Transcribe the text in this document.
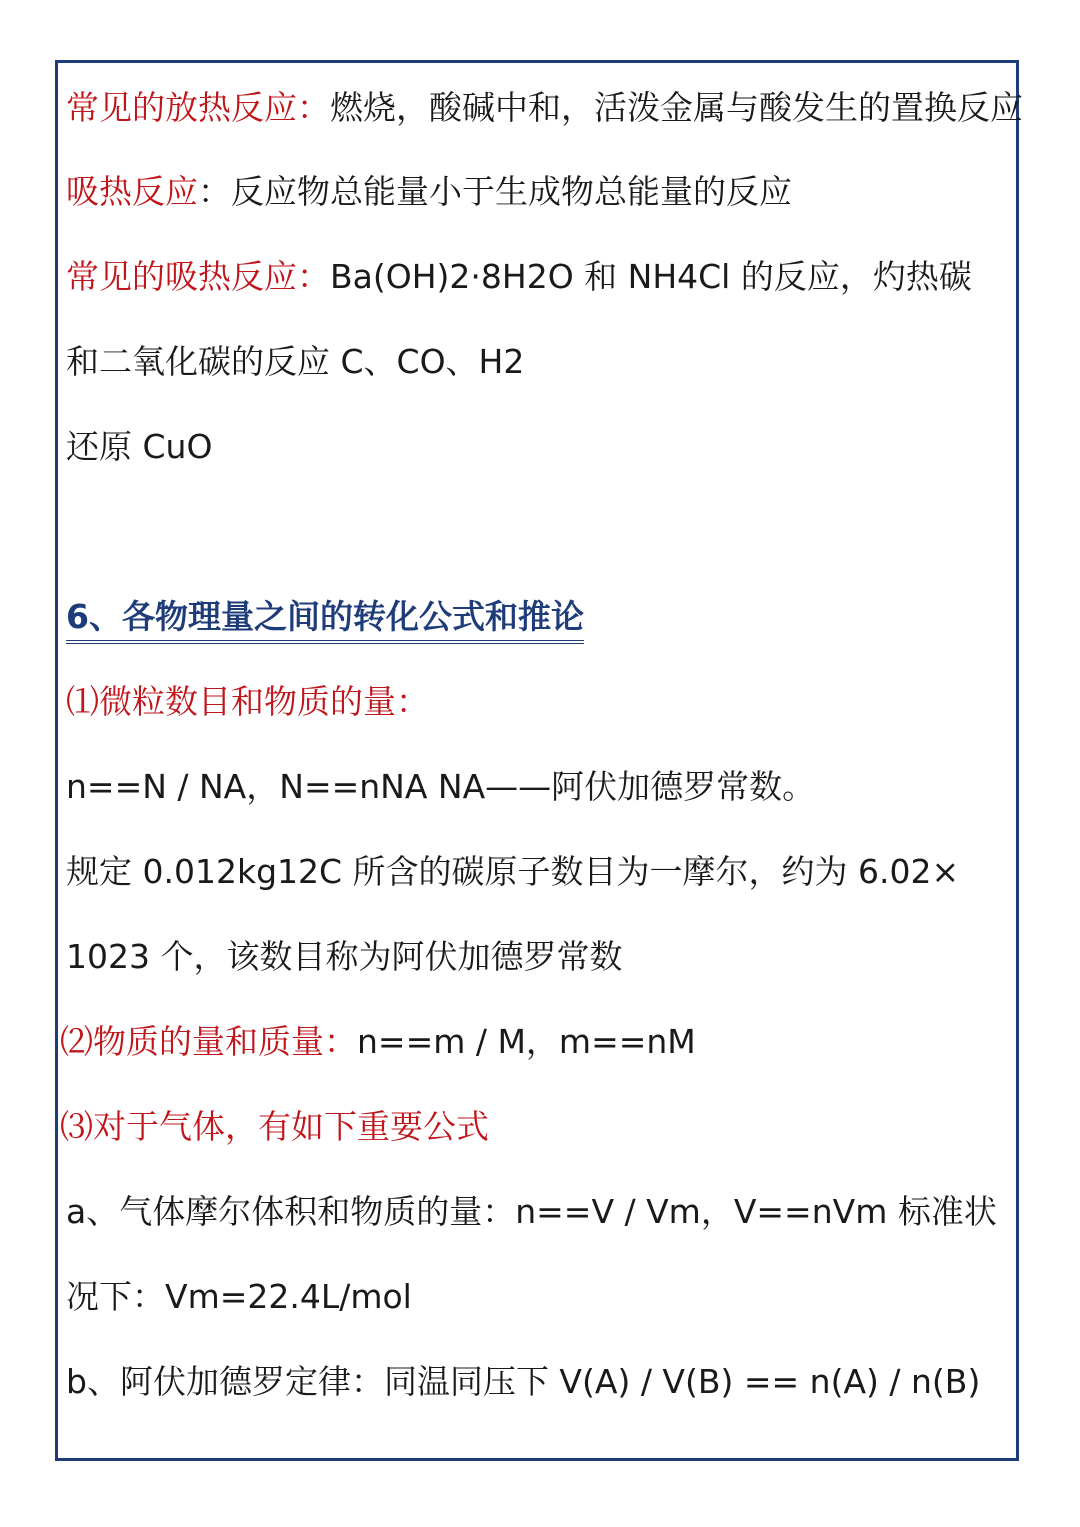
常见的放热反应：燃烧，酸碱中和，活泼金属与酸发生的置换反应
吸热反应：反应物总能量小于生成物总能量的反应
常见的吸热反应：Ba(OH)2·8H2O 和 NH4Cl 的反应，灼热碳
和二氧化碳的反应 C、CO、H2
还原 CuO
6、各物理量之间的转化公式和推论
⑴微粒数目和物质的量：
n==N / NA，N==nNA NA——阿伏加德罗常数。
规定 0.012kg12C 所含的碳原子数目为一摩尔，约为 6.02×
1023 个，该数目称为阿伏加德罗常数
⑵物质的量和质量：n==m / M，m==nM
⑶对于气体，有如下重要公式
a、气体摩尔体积和物质的量：n==V / Vm，V==nVm 标准状
况下：Vm=22.4L/mol
b、阿伏加德罗定律：同温同压下 V(A) / V(B) == n(A) / n(B)
